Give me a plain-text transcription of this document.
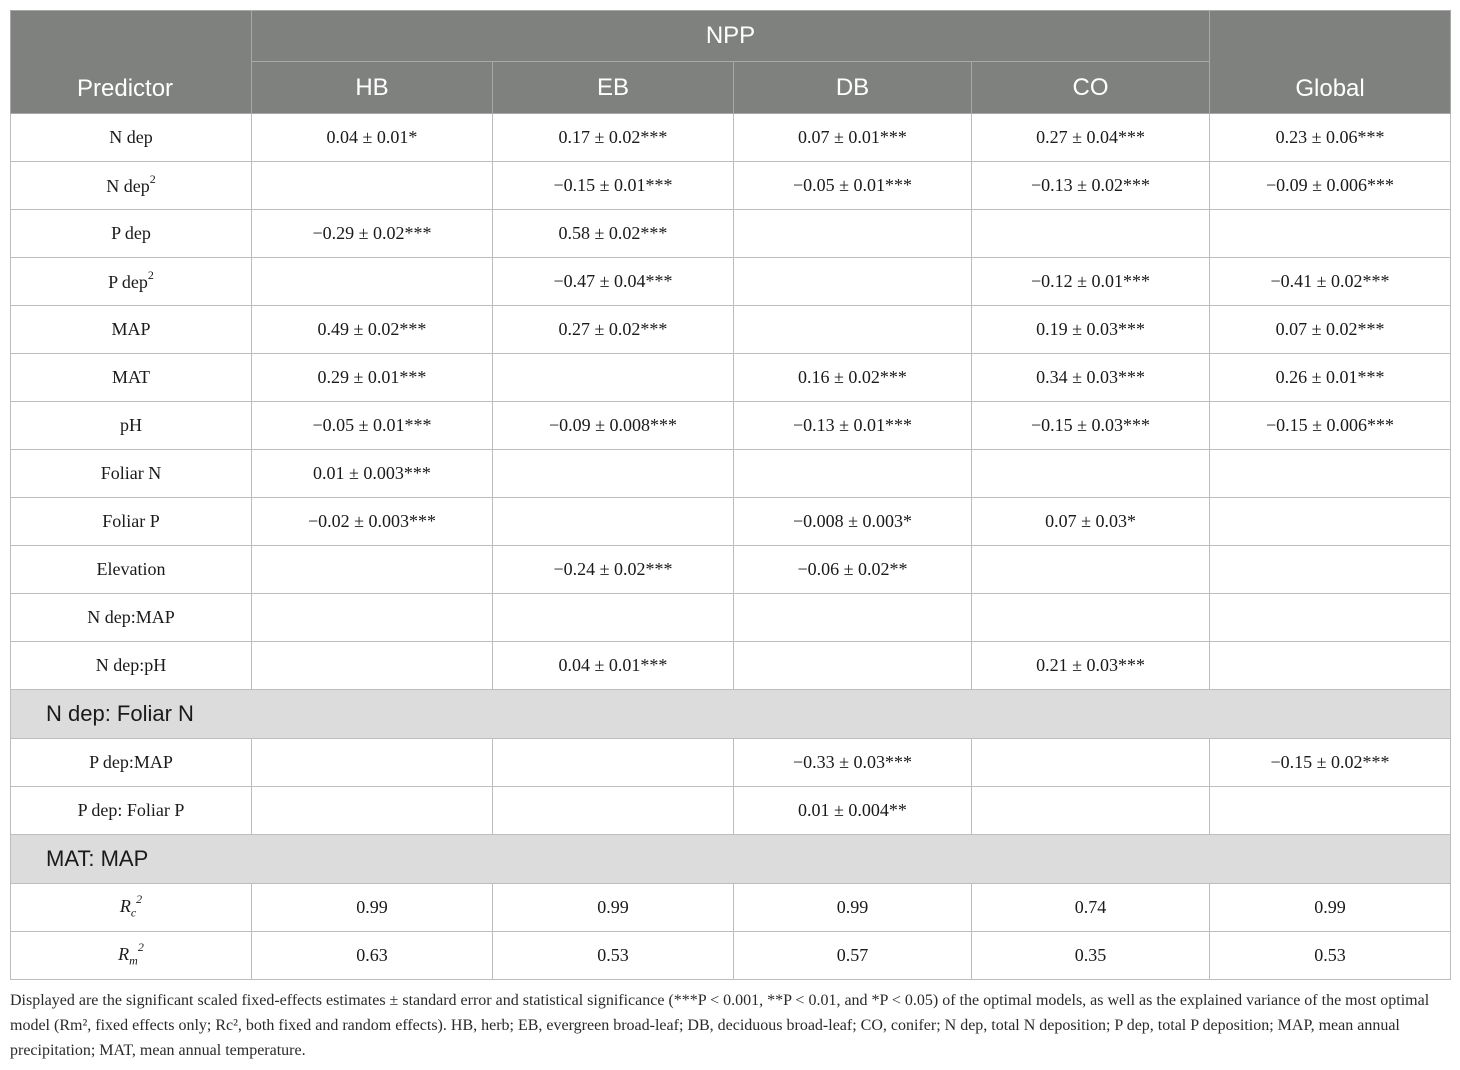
Predictor	NPP				Global
	HB	EB	DB	CO	
N dep	0.04 ± 0.01*	0.17 ± 0.02***	0.07 ± 0.01***	0.27 ± 0.04***	0.23 ± 0.06***
N dep$^2$		−0.15 ± 0.01***	−0.05 ± 0.01***	−0.13 ± 0.02***	−0.09 ± 0.006***
P dep	−0.29 ± 0.02***	0.58 ± 0.02***			
P dep$^2$		−0.47 ± 0.04***		−0.12 ± 0.01***	−0.41 ± 0.02***
MAP	0.49 ± 0.02***	0.27 ± 0.02***		0.19 ± 0.03***	0.07 ± 0.02***
MAT	0.29 ± 0.01***		0.16 ± 0.02***	0.34 ± 0.03***	0.26 ± 0.01***
pH	−0.05 ± 0.01***	−0.09 ± 0.008***	−0.13 ± 0.01***	−0.15 ± 0.03***	−0.15 ± 0.006***
Foliar N	0.01 ± 0.003***				
Foliar P	−0.02 ± 0.003***		−0.008 ± 0.003*	0.07 ± 0.03*	
Elevation		−0.24 ± 0.02***	−0.06 ± 0.02**		
N dep:MAP					
N dep:pH		0.04 ± 0.01***		0.21 ± 0.03***	
N dep: Foliar N					
P dep:MAP			−0.33 ± 0.03***		−0.15 ± 0.02***
P dep: Foliar P			0.01 ± 0.004**		
MAT: MAP					
$R_c^2$	0.99	0.99	0.99	0.74	0.99
$R_m^2$	0.63	0.53	0.57	0.35	0.53

Displayed are the significant scaled fixed-effects estimates ± standard error and statistical significance (***P < 0.001, **P < 0.01, and *P < 0.05) of the optimal models, as well as the explained variance of the most optimal model (Rm², fixed effects only; Rc², both fixed and random effects). HB, herb; EB, evergreen broad-leaf; DB, deciduous broad-leaf; CO, conifer; N dep, total N deposition; P dep, total P deposition; MAP, mean annual precipitation; MAT, mean annual temperature.
